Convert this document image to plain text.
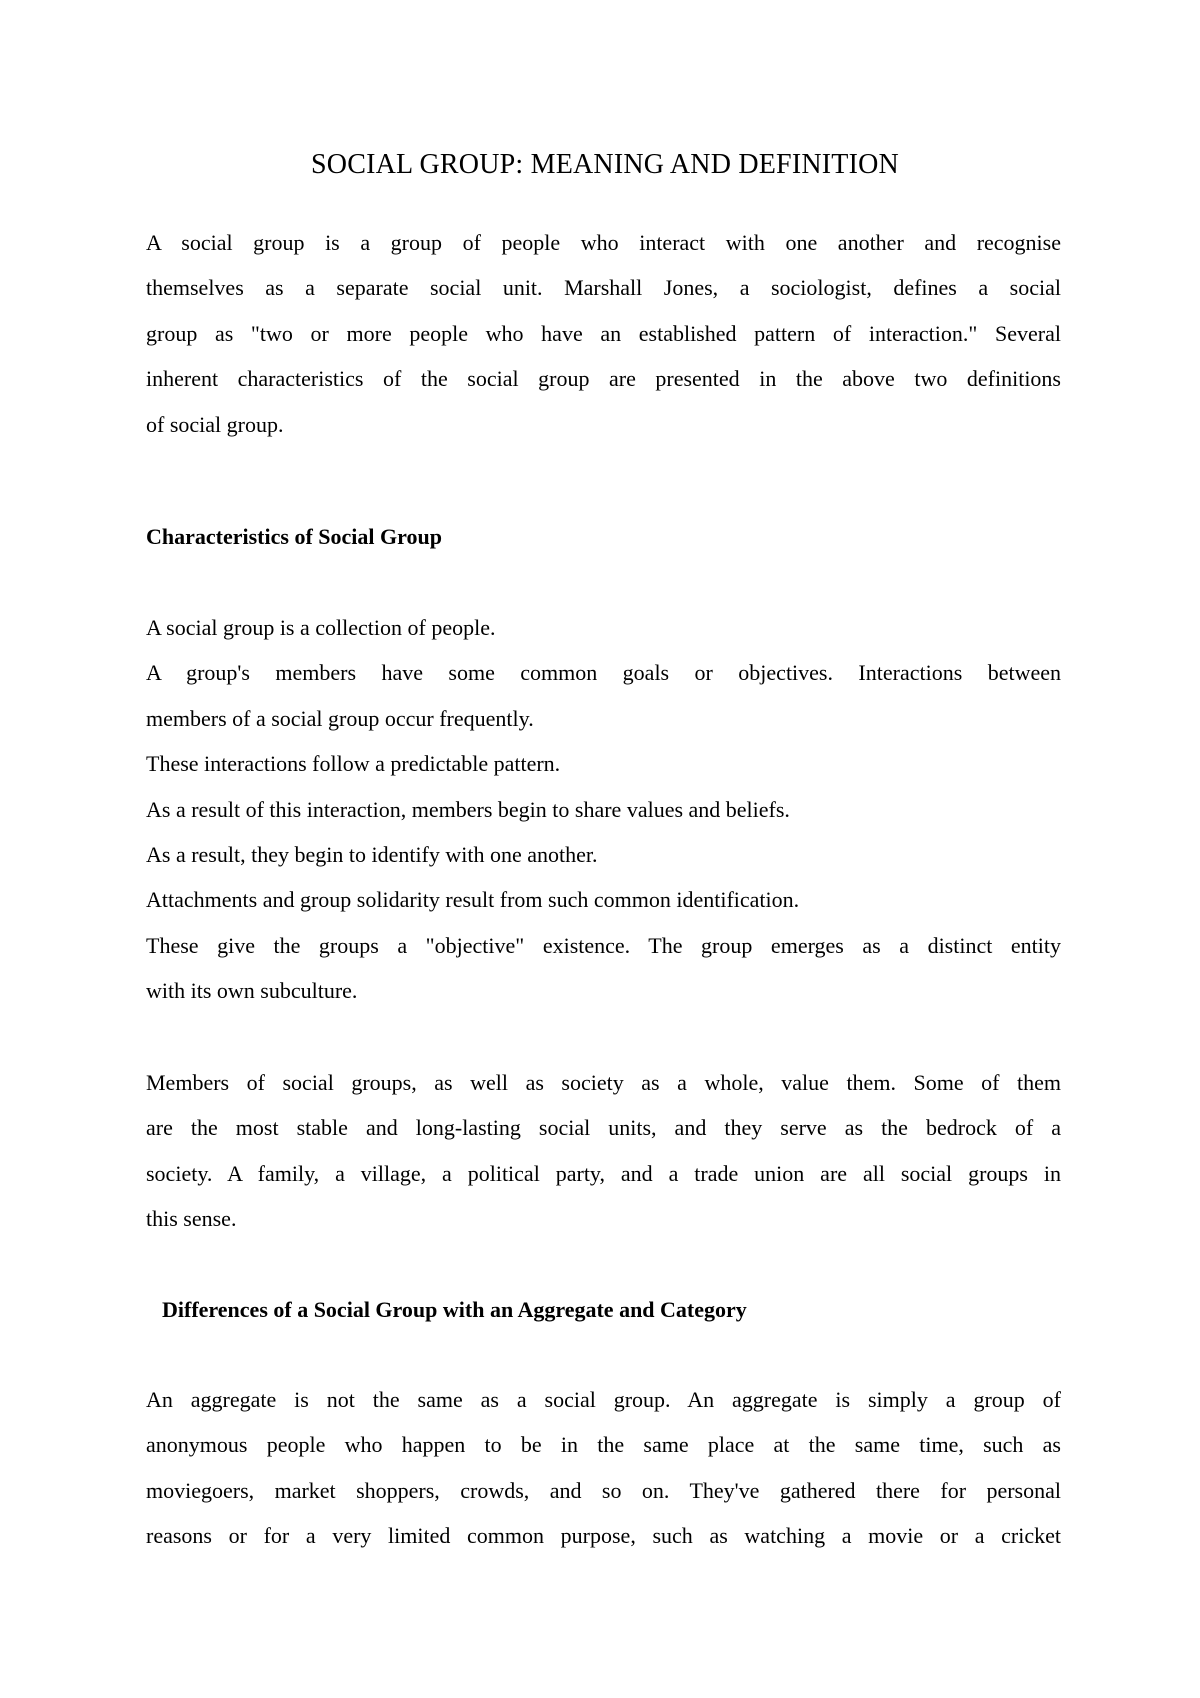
SOCIAL GROUP: MEANING AND DEFINITION

A social group is a group of people who interact with one another and recognise
themselves as a separate social unit. Marshall Jones, a sociologist, defines a social
group as "two or more people who have an established pattern of interaction." Several
inherent characteristics of the social group are presented in the above two definitions
of social group.

Characteristics of Social Group
A social group is a collection of people.
A group's members have some common goals or objectives. Interactions between
members of a social group occur frequently.
These interactions follow a predictable pattern.
As a result of this interaction, members begin to share values and beliefs.
As a result, they begin to identify with one another.
Attachments and group solidarity result from such common identification.
These give the groups a "objective" existence. The group emerges as a distinct entity
with its own subculture.

Members of social groups, as well as society as a whole, value them. Some of them
are the most stable and long-lasting social units, and they serve as the bedrock of a
society. A family, a village, a political party, and a trade union are all social groups in
this sense.

Differences of a Social Group with an Aggregate and Category

An aggregate is not the same as a social group. An aggregate is simply a group of
anonymous people who happen to be in the same place at the same time, such as
moviegoers, market shoppers, crowds, and so on. They've gathered there for personal
reasons or for a very limited common purpose, such as watching a movie or a cricket
